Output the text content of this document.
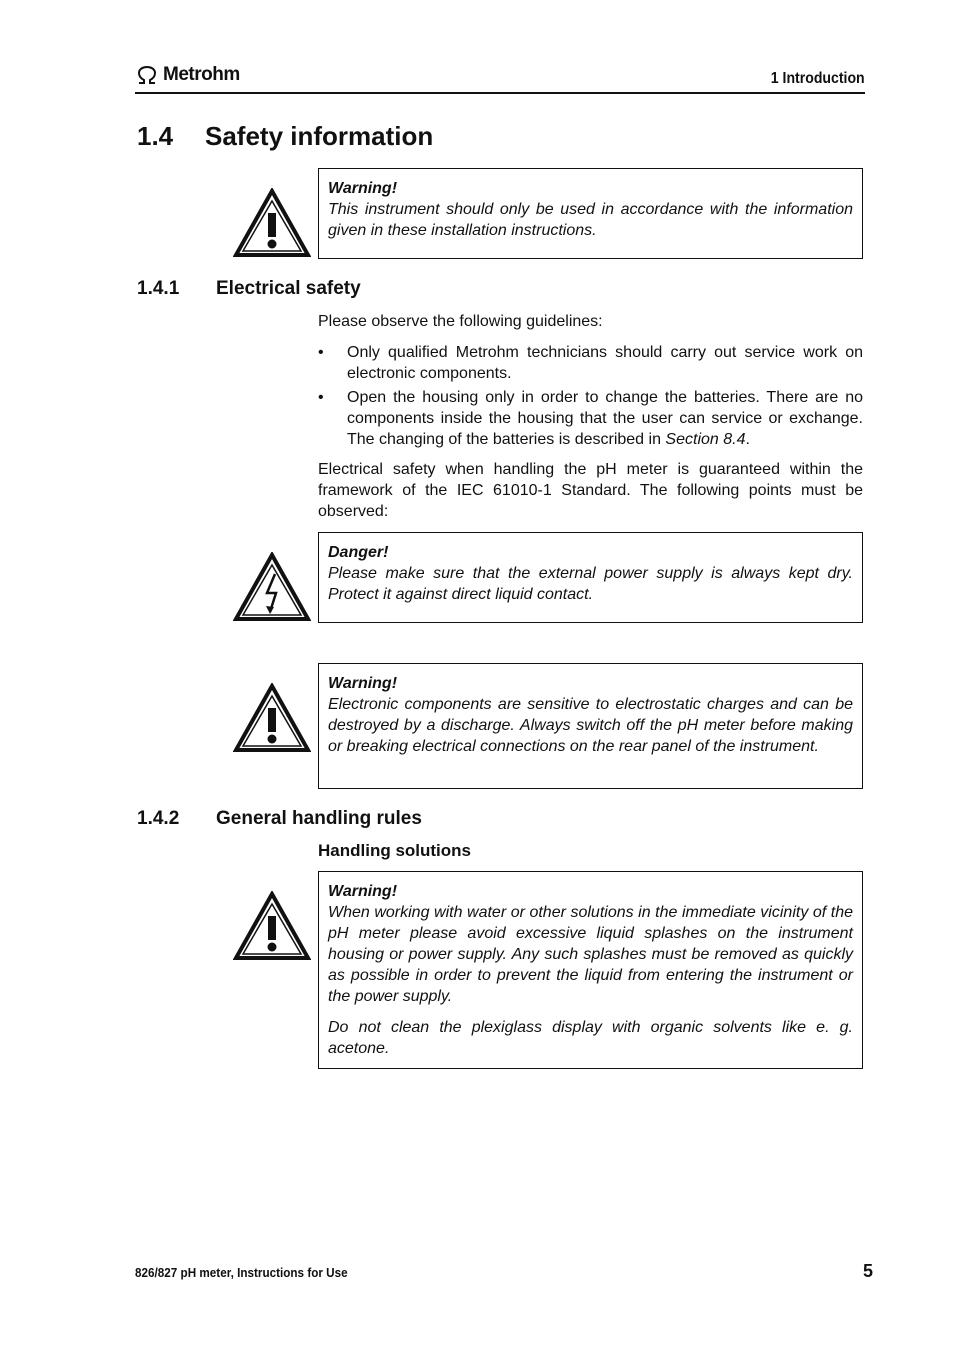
Metrohm	1 Introduction
1.4 Safety information
Warning!

This instrument should only be used in accordance with the information given in these installation instructions.

1.4.1 Electrical safety

Please observe the following guidelines:

• Only qualified Metrohm technicians should carry out service work on electronic components.
• Open the housing only in order to change the batteries. There are no components inside the housing that the user can service or exchange. The changing of the batteries is described in Section 8.4.

Electrical safety when handling the pH meter is guaranteed within the framework of the IEC 61010-1 Standard. The following points must be observed:

Danger!

Please make sure that the external power supply is always kept dry. Protect it against direct liquid contact.

Warning!

Electronic components are sensitive to electrostatic charges and can be destroyed by a discharge. Always switch off the pH meter before making or breaking electrical connections on the rear panel of the instrument.

1.4.2 General handling rules
Handling solutions
Warning!

When working with water or other solutions in the immediate vicinity of the pH meter please avoid excessive liquid splashes on the instrument housing or power supply. Any such splashes must be removed as quickly as possible in order to prevent the liquid from entering the instrument or the power supply.

Do not clean the plexiglass display with organic solvents like e. g. acetone.

826/827 pH meter, Instructions for Use	5
